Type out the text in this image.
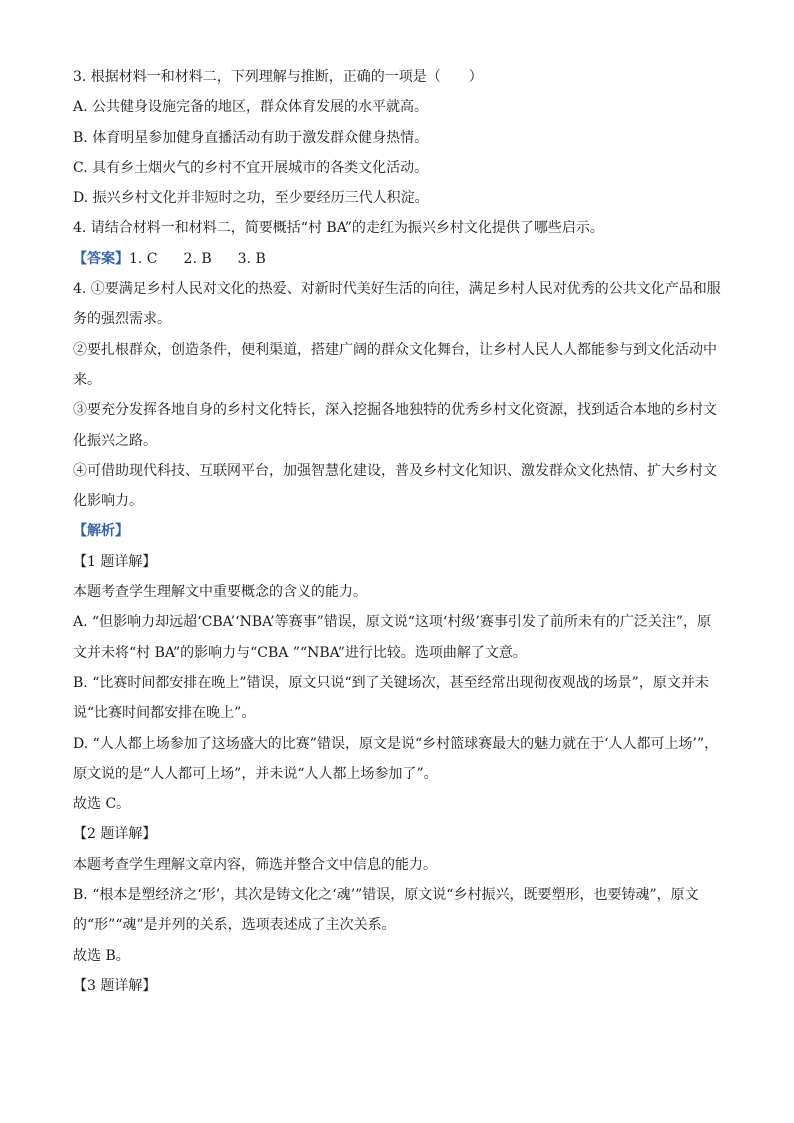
3. 根据材料一和材料二，下列理解与推断，正确的一项是（　　）
A. 公共健身设施完备的地区，群众体育发展的水平就高。
B. 体育明星参加健身直播活动有助于激发群众健身热情。
C. 具有乡土烟火气的乡村不宜开展城市的各类文化活动。
D. 振兴乡村文化并非短时之功，至少要经历三代人积淀。
4. 请结合材料一和材料二，简要概括“村 BA”的走红为振兴乡村文化提供了哪些启示。
【答案】1. C 2. B 3. B
4. ①要满足乡村人民对文化的热爱、对新时代美好生活的向往，满足乡村人民对优秀的公共文化产品和服务的强烈需求。
②要扎根群众，创造条件，便利渠道，搭建广阔的群众文化舞台，让乡村人民人人都能参与到文化活动中来。
③要充分发挥各地自身的乡村文化特长，深入挖掘各地独特的优秀乡村文化资源，找到适合本地的乡村文化振兴之路。
④可借助现代科技、互联网平台，加强智慧化建设，普及乡村文化知识、激发群众文化热情、扩大乡村文化影响力。
【解析】
【1 题详解】
本题考查学生理解文中重要概念的含义的能力。
A. “但影响力却远超‘CBA’‘NBA’等赛事”错误，原文说“这项‘村级’赛事引发了前所未有的广泛关注”，原文并未将“村 BA”的影响力与“CBA ”“NBA”进行比较。选项曲解了文意。
B. “比赛时间都安排在晚上”错误，原文只说“到了关键场次，甚至经常出现彻夜观战的场景”，原文并未说“比赛时间都安排在晚上”。
D. “人人都上场参加了这场盛大的比赛”错误，原文是说“乡村篮球赛最大的魅力就在于‘人人都可上场’”，原文说的是“人人都可上场”，并未说“人人都上场参加了”。
故选 C。
【2 题详解】
本题考查学生理解文章内容，筛选并整合文中信息的能力。
B. “根本是塑经济之‘形’，其次是铸文化之‘魂’”错误，原文说“乡村振兴，既要塑形，也要铸魂”，原文的“形”“魂”是并列的关系，选项表述成了主次关系。
故选 B。
【3 题详解】
